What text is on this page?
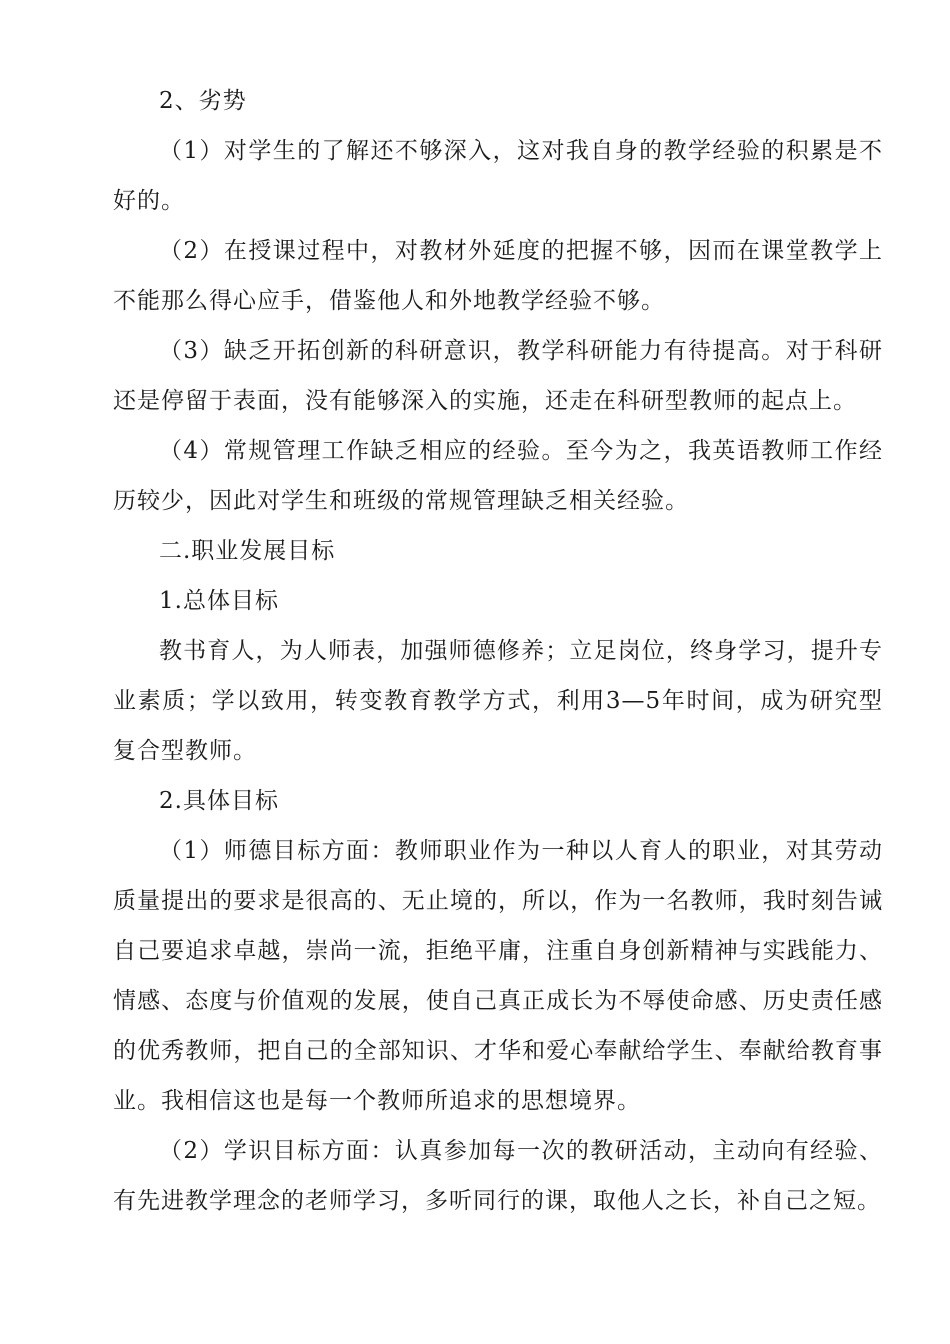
2、劣势

（1）对学生的了解还不够深入，这对我自身的教学经验的积累是不好的。

（2）在授课过程中，对教材外延度的把握不够，因而在课堂教学上不能那么得心应手，借鉴他人和外地教学经验不够。

（3）缺乏开拓创新的科研意识，教学科研能力有待提高。对于科研还是停留于表面，没有能够深入的实施，还走在科研型教师的起点上。

（4）常规管理工作缺乏相应的经验。至今为之，我英语教师工作经历较少，因此对学生和班级的常规管理缺乏相关经验。

二.职业发展目标

1.总体目标

教书育人，为人师表，加强师德修养；立足岗位，终身学习，提升专业素质；学以致用，转变教育教学方式，利用3—5年时间，成为研究型复合型教师。

2.具体目标

（1）师德目标方面：教师职业作为一种以人育人的职业，对其劳动质量提出的要求是很高的、无止境的，所以，作为一名教师，我时刻告诫自己要追求卓越，崇尚一流，拒绝平庸，注重自身创新精神与实践能力、情感、态度与价值观的发展，使自己真正成长为不辱使命感、历史责任感的优秀教师，把自己的全部知识、才华和爱心奉献给学生、奉献给教育事业。我相信这也是每一个教师所追求的思想境界。

（2）学识目标方面：认真参加每一次的教研活动，主动向有经验、有先进教学理念的老师学习，多听同行的课，取他人之长，补自己之短。
